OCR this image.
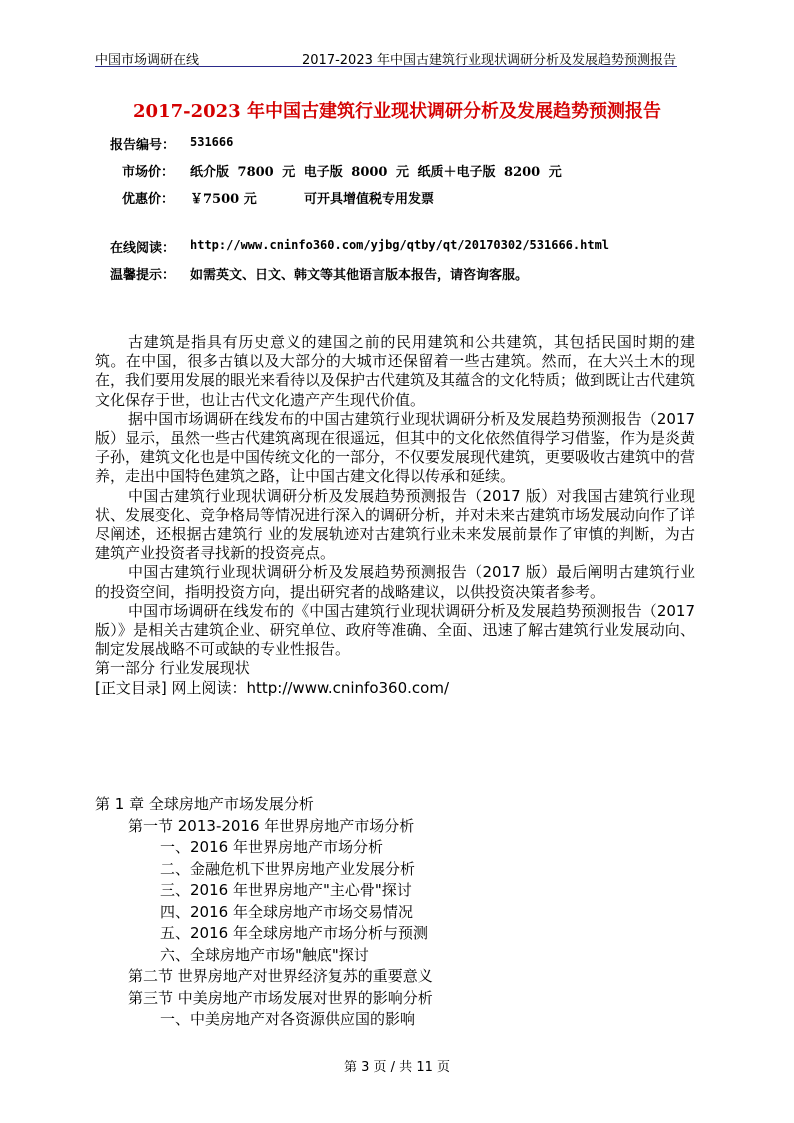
中国市场调研在线	2017-2023 年中国古建筑行业现状调研分析及发展趋势预测报告
2017-2023 年中国古建筑行业现状调研分析及发展趋势预测报告
报告编号： 531666
市场价： 纸介版 7800 元 电子版 8000 元 纸质＋电子版 8200 元
优惠价： ￥7500 元	可开具增值税专用发票
在线阅读： http://www.cninfo360.com/yjbg/qtby/qt/20170302/531666.html
温馨提示： 如需英文、日文、韩文等其他语言版本报告，请咨询客服。

古建筑是指具有历史意义的建国之前的民用建筑和公共建筑，其包括民国时期的建筑。在中国，很多古镇以及大部分的大城市还保留着一些古建筑。然而，在大兴土木的现在，我们要用发展的眼光来看待以及保护古代建筑及其蕴含的文化特质；做到既让古代建筑文化保存于世，也让古代文化遗产产生现代价值。

据中国市场调研在线发布的中国古建筑行业现状调研分析及发展趋势预测报告（2017 版）显示，虽然一些古代建筑离现在很遥远，但其中的文化依然值得学习借鉴，作为是炎黄子孙，建筑文化也是中国传统文化的一部分，不仅要发展现代建筑，更要吸收古建筑中的营养，走出中国特色建筑之路，让中国古建文化得以传承和延续。

中国古建筑行业现状调研分析及发展趋势预测报告（2017 版）对我国古建筑行业现状、发展变化、竞争格局等情况进行深入的调研分析，并对未来古建筑市场发展动向作了详尽阐述，还根据古建筑行 业的发展轨迹对古建筑行业未来发展前景作了审慎的判断，为古建筑产业投资者寻找新的投资亮点。

中国古建筑行业现状调研分析及发展趋势预测报告（2017 版）最后阐明古建筑行业的投资空间，指明投资方向，提出研究者的战略建议，以供投资决策者参考。

中国市场调研在线发布的《中国古建筑行业现状调研分析及发展趋势预测报告（2017 版）》是相关古建筑企业、研究单位、政府等准确、全面、迅速了解古建筑行业发展动向、制定发展战略不可或缺的专业性报告。

第一部分 行业发展现状

[正文目录] 网上阅读：http://www.cninfo360.com/

第 1 章 全球房地产市场发展分析
第一节 2013-2016 年世界房地产市场分析
一、2016 年世界房地产市场分析
二、金融危机下世界房地产业发展分析
三、2016 年世界房地产"主心骨"探讨
四、2016 年全球房地产市场交易情况
五、2016 年全球房地产市场分析与预测
六、全球房地产市场"触底"探讨
第二节 世界房地产对世界经济复苏的重要意义
第三节 中美房地产市场发展对世界的影响分析
一、中美房地产对各资源供应国的影响
第 3 页 / 共 11 页
